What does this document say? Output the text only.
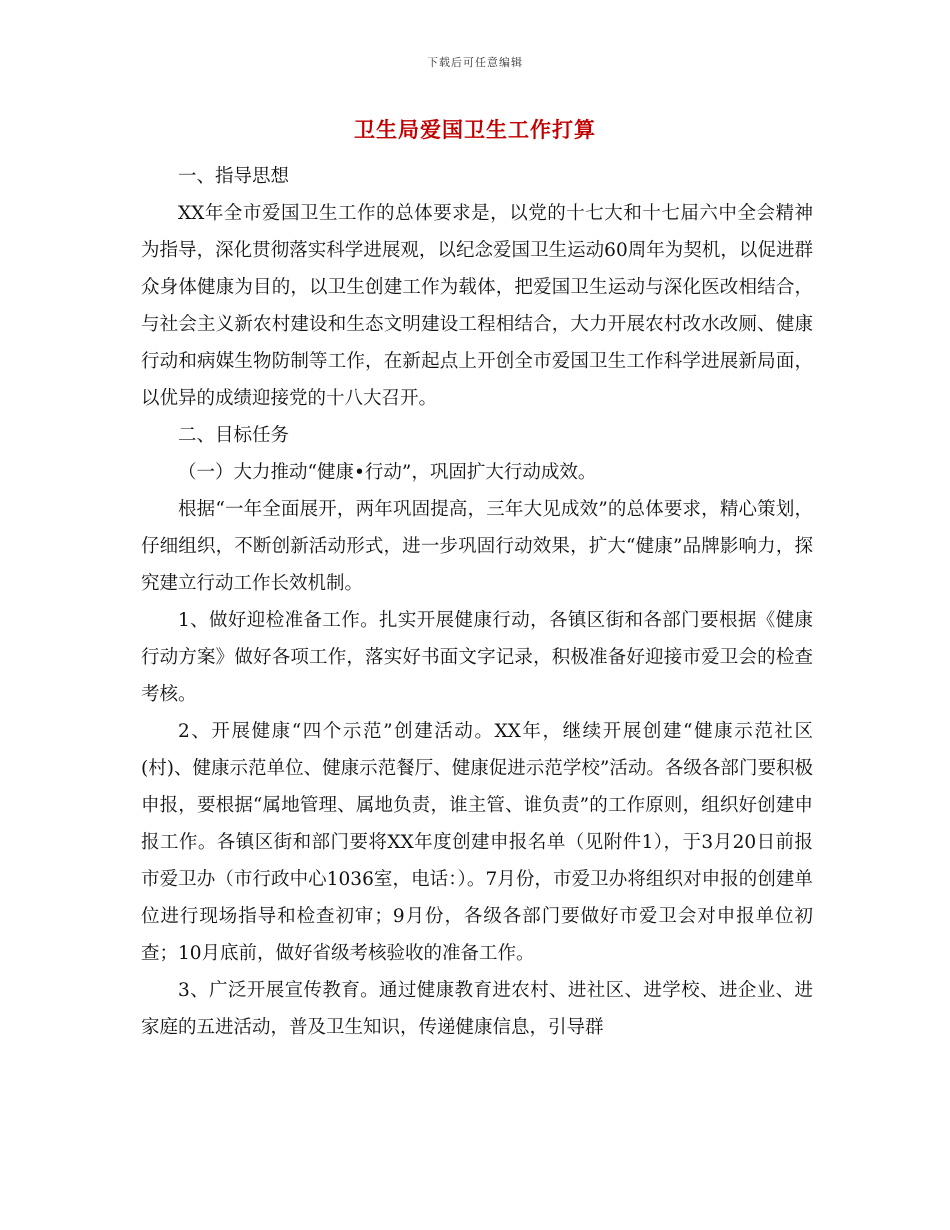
下载后可任意编辑
卫生局爱国卫生工作打算

一、指导思想

XX年全市爱国卫生工作的总体要求是，以党的十七大和十七届六中全会精神为指导，深化贯彻落实科学进展观，以纪念爱国卫生运动60周年为契机，以促进群众身体健康为目的，以卫生创建工作为载体，把爱国卫生运动与深化医改相结合，与社会主义新农村建设和生态文明建设工程相结合，大力开展农村改水改厕、健康行动和病媒生物防制等工作，在新起点上开创全市爱国卫生工作科学进展新局面，以优异的成绩迎接党的十八大召开。

二、目标任务

（一）大力推动“健康•行动”，巩固扩大行动成效。

根据“一年全面展开，两年巩固提高，三年大见成效”的总体要求，精心策划，仔细组织，不断创新活动形式，进一步巩固行动效果，扩大“健康”品牌影响力，探究建立行动工作长效机制。

1、做好迎检准备工作。扎实开展健康行动，各镇区街和各部门要根据《健康行动方案》做好各项工作，落实好书面文字记录，积极准备好迎接市爱卫会的检查考核。

2、开展健康“四个示范”创建活动。XX年，继续开展创建“健康示范社区(村)、健康示范单位、健康示范餐厅、健康促进示范学校”活动。各级各部门要积极申报，要根据“属地管理、属地负责，谁主管、谁负责”的工作原则，组织好创建申报工作。各镇区街和部门要将XX年度创建申报名单（见附件1），于3月20日前报市爱卫办（市行政中心1036室，电话：）。7月份，市爱卫办将组织对申报的创建单位进行现场指导和检查初审；9月份，各级各部门要做好市爱卫会对申报单位初查；10月底前，做好省级考核验收的准备工作。

3、广泛开展宣传教育。通过健康教育进农村、进社区、进学校、进企业、进家庭的五进活动，普及卫生知识，传递健康信息，引导群
